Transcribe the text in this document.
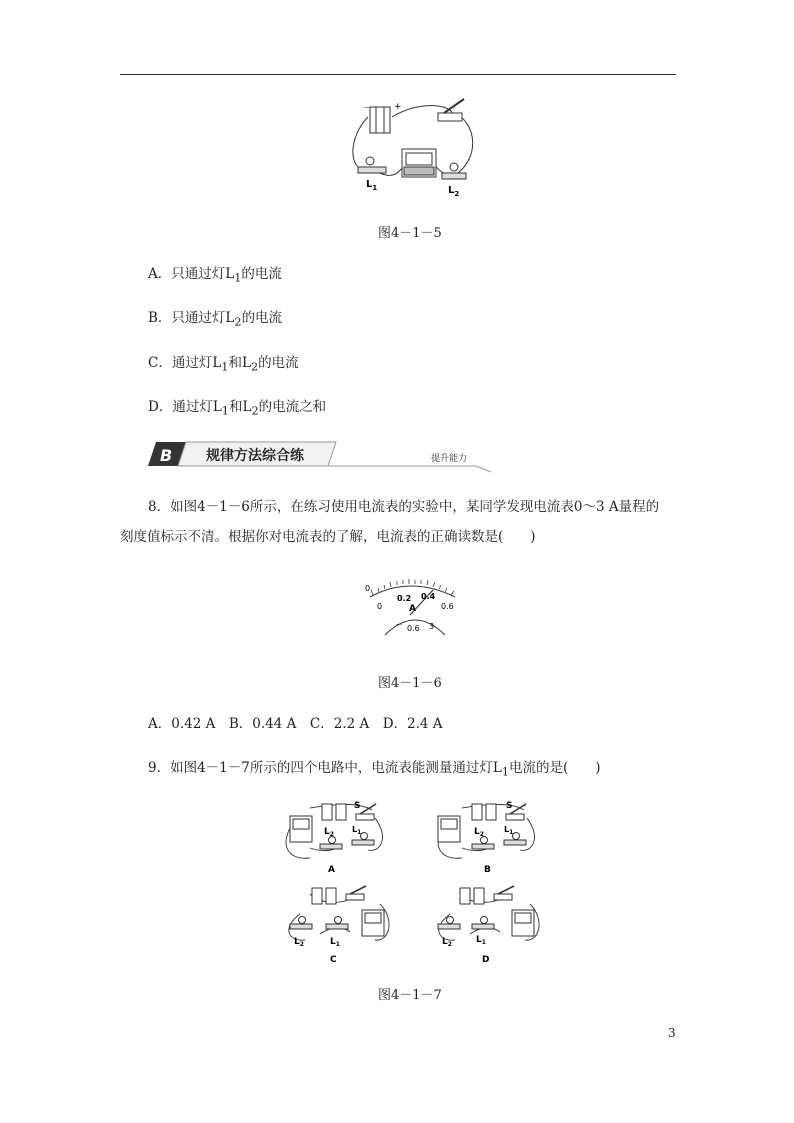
－	+
$L_1$	$L_2$
图4－1－5
A．只通过灯$L_1$的电流
B．只通过灯$L_2$的电流
C．通过灯$L_1$和$L_2$的电流
D．通过灯$L_1$和$L_2$的电流之和
B 规律方法综合练	提升能力
8．如图4－1－6所示，在练习使用电流表的实验中，某同学发现电流表0～3 A量程的
刻度值标示不清。根据你对电流表的了解，电流表的正确读数是(　　)
0
0
0.2 0.4
0.6
A
－ 0.6 3
图4－1－6
A．0.42 A　B．0.44 A　C．2.2 A　D．2.4 A
9．如图4－1－7所示的四个电路中，电流表能测量通过灯$L_1$电流的是(　　)
S
$L_2$
$L_1$
A
S
$L_2$
$L_1$
B
$L_2$	$L_1$
C
$L_2$	$L_1$
D
图4－1－7
3
